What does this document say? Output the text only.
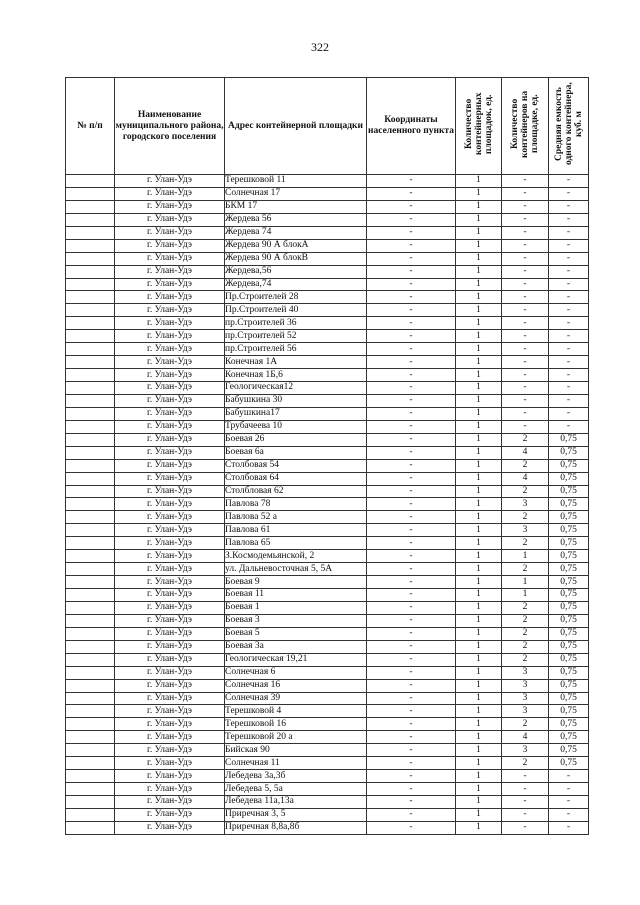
322
№ п/п	Наименование муниципального района, городского поселения	Адрес контейнерной площадки	Координаты населенного пункта	Количество контейнерных площадок, ед.	Количество контейнеров на площадке, ед.	Средняя емкость одного контейнера, куб. м
	г. Улан-Удэ	Терешковой 11	-	1	-	-
	г. Улан-Удэ	Солнечная 17	-	1	-	-
	г. Улан-Удэ	БКМ 17	-	1	-	-
	г. Улан-Удэ	Жердева 56	-	1	-	-
	г. Улан-Удэ	Жердева 74	-	1	-	-
	г. Улан-Удэ	Жердева 90 А блокА	-	1	-	-
	г. Улан-Удэ	Жердева 90 А блокВ	-	1	-	-
	г. Улан-Удэ	Жердева,56	-	1	-	-
	г. Улан-Удэ	Жердева,74	-	1	-	-
	г. Улан-Удэ	Пр.Строителей 28	-	1	-	-
	г. Улан-Удэ	Пр.Строителей 40	-	1	-	-
	г. Улан-Удэ	пр.Строителей 36	-	1	-	-
	г. Улан-Удэ	пр.Строителей 52	-	1	-	-
	г. Улан-Удэ	пр.Строителей 56	-	1	-	-
	г. Улан-Удэ	Конечная 1А	-	1	-	-
	г. Улан-Удэ	Конечная 1Б,6	-	1	-	-
	г. Улан-Удэ	Геологическая12	-	1	-	-
	г. Улан-Удэ	Бабушкина 30	-	1	-	-
	г. Улан-Удэ	Бабушкина17	-	1	-	-
	г. Улан-Удэ	Трубачеева 10	-	1	-	-
	г. Улан-Удэ	Боевая 26	-	1	2	0,75
	г. Улан-Удэ	Боевая 6а	-	1	4	0,75
	г. Улан-Удэ	Столбовая 54	-	1	2	0,75
	г. Улан-Удэ	Столбовая 64	-	1	4	0,75
	г. Улан-Удэ	Столбловая 62	-	1	2	0,75
	г. Улан-Удэ	Павлова 78	-	1	3	0,75
	г. Улан-Удэ	Павлова 52 а	-	1	2	0,75
	г. Улан-Удэ	Павлова 61	-	1	3	0,75
	г. Улан-Удэ	Павлова 65	-	1	2	0,75
	г. Улан-Удэ	З.Космодемьянской, 2	-	1	1	0,75
	г. Улан-Удэ	ул. Дальневосточная 5, 5А	-	1	2	0,75
	г. Улан-Удэ	Боевая 9	-	1	1	0,75
	г. Улан-Удэ	Боевая 11	-	1	1	0,75
	г. Улан-Удэ	Боевая 1	-	1	2	0,75
	г. Улан-Удэ	Боевая 3	-	1	2	0,75
	г. Улан-Удэ	Боевая 5	-	1	2	0,75
	г. Улан-Удэ	Боевая 3а	-	1	2	0,75
	г. Улан-Удэ	Геологическая 19,21	-	1	2	0,75
	г. Улан-Удэ	Солнечная 6	-	1	3	0,75
	г. Улан-Удэ	Солнечная 16	-	1	3	0,75
	г. Улан-Удэ	Солнечная 39	-	1	3	0,75
	г. Улан-Удэ	Терешковой 4	-	1	3	0,75
	г. Улан-Удэ	Терешковой 16	-	1	2	0,75
	г. Улан-Удэ	Терешковой 20 а	-	1	4	0,75
	г. Улан-Удэ	Бийская 90	-	1	3	0,75
	г. Улан-Удэ	Солнечная 11	-	1	2	0,75
	г. Улан-Удэ	Лебедева 3а,3б	-	1	-	-
	г. Улан-Удэ	Лебедева 5, 5а	-	1	-	-
	г. Улан-Удэ	Лебедева 11а,13а	-	1	-	-
	г. Улан-Удэ	Приречная 3, 5	-	1	-	-
	г. Улан-Удэ	Приречная 8,8а,8б	-	1	-	-
